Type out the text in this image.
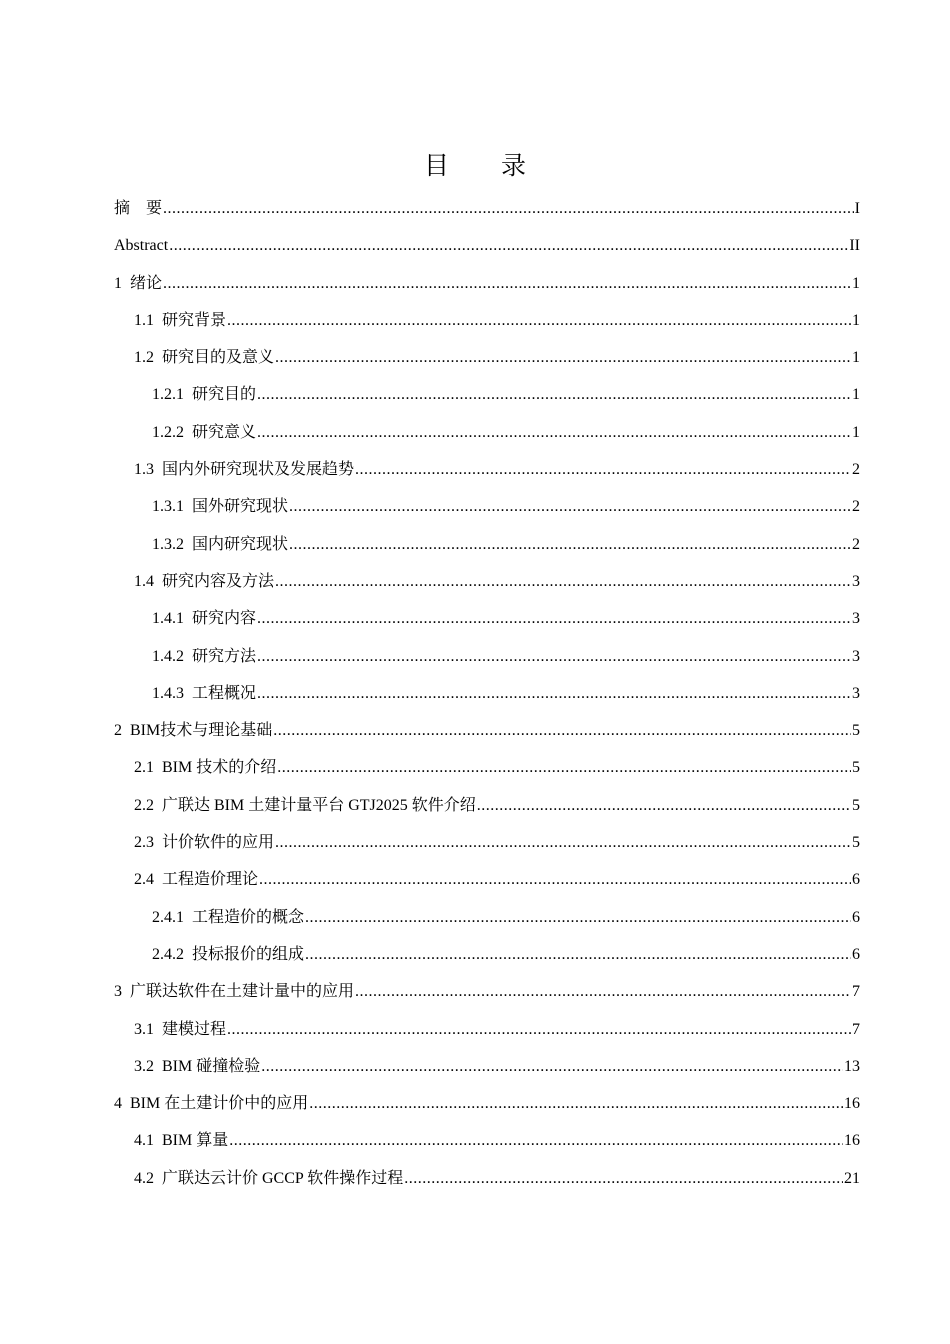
目 录
摘　要 .....	I
Abstract .....	II
1 绪论 .....	1
1.1 研究背景 .....	1
1.2 研究目的及意义 .....	1
1.2.1 研究目的 .....	1
1.2.2 研究意义 .....	1
1.3 国内外研究现状及发展趋势 .....	2
1.3.1 国外研究现状 .....	2
1.3.2 国内研究现状 .....	2
1.4 研究内容及方法 .....	3
1.4.1 研究内容 .....	3
1.4.2 研究方法 .....	3
1.4.3 工程概况 .....	3
2 BIM技术与理论基础 .....	5
2.1 BIM 技术的介绍 .....	5
2.2 广联达 BIM 土建计量平台 GTJ2025 软件介绍 .....	5
2.3 计价软件的应用 .....	5
2.4 工程造价理论 .....	6
2.4.1 工程造价的概念 .....	6
2.4.2 投标报价的组成 .....	6
3 广联达软件在土建计量中的应用 .....	7
3.1 建模过程 .....	7
3.2 BIM 碰撞检验 .....	13
4 BIM 在土建计价中的应用 .....	16
4.1 BIM 算量 .....	16
4.2 广联达云计价 GCCP 软件操作过程 .....	21
